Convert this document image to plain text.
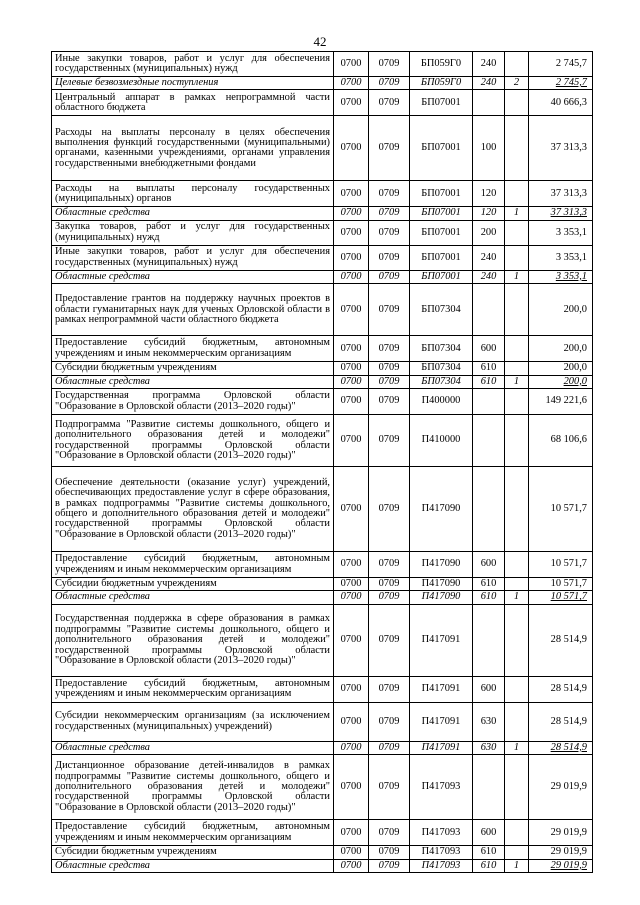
42
Иные закупки товаров, работ и услуг для обеспечения государственных (муниципальных) нужд	0700	0709	БП059Г0	240		2 745,7
Целевые безвозмездные поступления	0700	0709	БП059Г0	240	2	2 745,7
Центральный аппарат в рамках непрограммной части областного бюджета	0700	0709	БП07001			40 666,3
Расходы на выплаты персоналу в целях обеспечения выполнения функций государственными (муниципальными) органами, казенными учреждениями, органами управления государственными внебюджетными фондами	0700	0709	БП07001	100		37 313,3
Расходы на выплаты персоналу государственных (муниципальных) органов	0700	0709	БП07001	120		37 313,3
Областные средства	0700	0709	БП07001	120	1	37 313,3
Закупка товаров, работ и услуг для государственных (муниципальных) нужд	0700	0709	БП07001	200		3 353,1
Иные закупки товаров, работ и услуг для обеспечения государственных (муниципальных) нужд	0700	0709	БП07001	240		3 353,1
Областные средства	0700	0709	БП07001	240	1	3 353,1
Предоставление грантов на поддержку научных проектов в области гуманитарных наук для ученых Орловской области в рамках непрограммной части областного бюджета	0700	0709	БП07304			200,0
Предоставление субсидий бюджетным, автономным учреждениям и иным некоммерческим организациям	0700	0709	БП07304	600		200,0
Субсидии бюджетным учреждениям	0700	0709	БП07304	610		200,0
Областные средства	0700	0709	БП07304	610	1	200,0
Государственная программа Орловской области "Образование в Орловской области (2013–2020 годы)"	0700	0709	П400000			149 221,6
Подпрограмма "Развитие системы дошкольного, общего и дополнительного образования детей и молодежи" государственной программы Орловской области "Образование в Орловской области (2013–2020 годы)"	0700	0709	П410000			68 106,6
Обеспечение деятельности (оказание услуг) учреждений, обеспечивающих предоставление услуг в сфере образования, в рамках подпрограммы "Развитие системы дошкольного, общего и дополнительного образования детей и молодежи" государственной программы Орловской области "Образование в Орловской области (2013–2020 годы)"	0700	0709	П417090			10 571,7
Предоставление субсидий бюджетным, автономным учреждениям и иным некоммерческим организациям	0700	0709	П417090	600		10 571,7
Субсидии бюджетным учреждениям	0700	0709	П417090	610		10 571,7
Областные средства	0700	0709	П417090	610	1	10 571,7
Государственная поддержка в сфере образования в рамках подпрограммы "Развитие системы дошкольного, общего и дополнительного образования детей и молодежи" государственной программы Орловской области "Образование в Орловской области (2013–2020 годы)"	0700	0709	П417091			28 514,9
Предоставление субсидий бюджетным, автономным учреждениям и иным некоммерческим организациям	0700	0709	П417091	600		28 514,9
Субсидии некоммерческим организациям (за исключением государственных (муниципальных) учреждений)	0700	0709	П417091	630		28 514,9
Областные средства	0700	0709	П417091	630	1	28 514,9
Дистанционное образование детей-инвалидов в рамках подпрограммы "Развитие системы дошкольного, общего и дополнительного образования детей и молодежи" государственной программы Орловской области "Образование в Орловской области (2013–2020 годы)"	0700	0709	П417093			29 019,9
Предоставление субсидий бюджетным, автономным учреждениям и иным некоммерческим организациям	0700	0709	П417093	600		29 019,9
Субсидии бюджетным учреждениям	0700	0709	П417093	610		29 019,9
Областные средства	0700	0709	П417093	610	1	29 019,9
